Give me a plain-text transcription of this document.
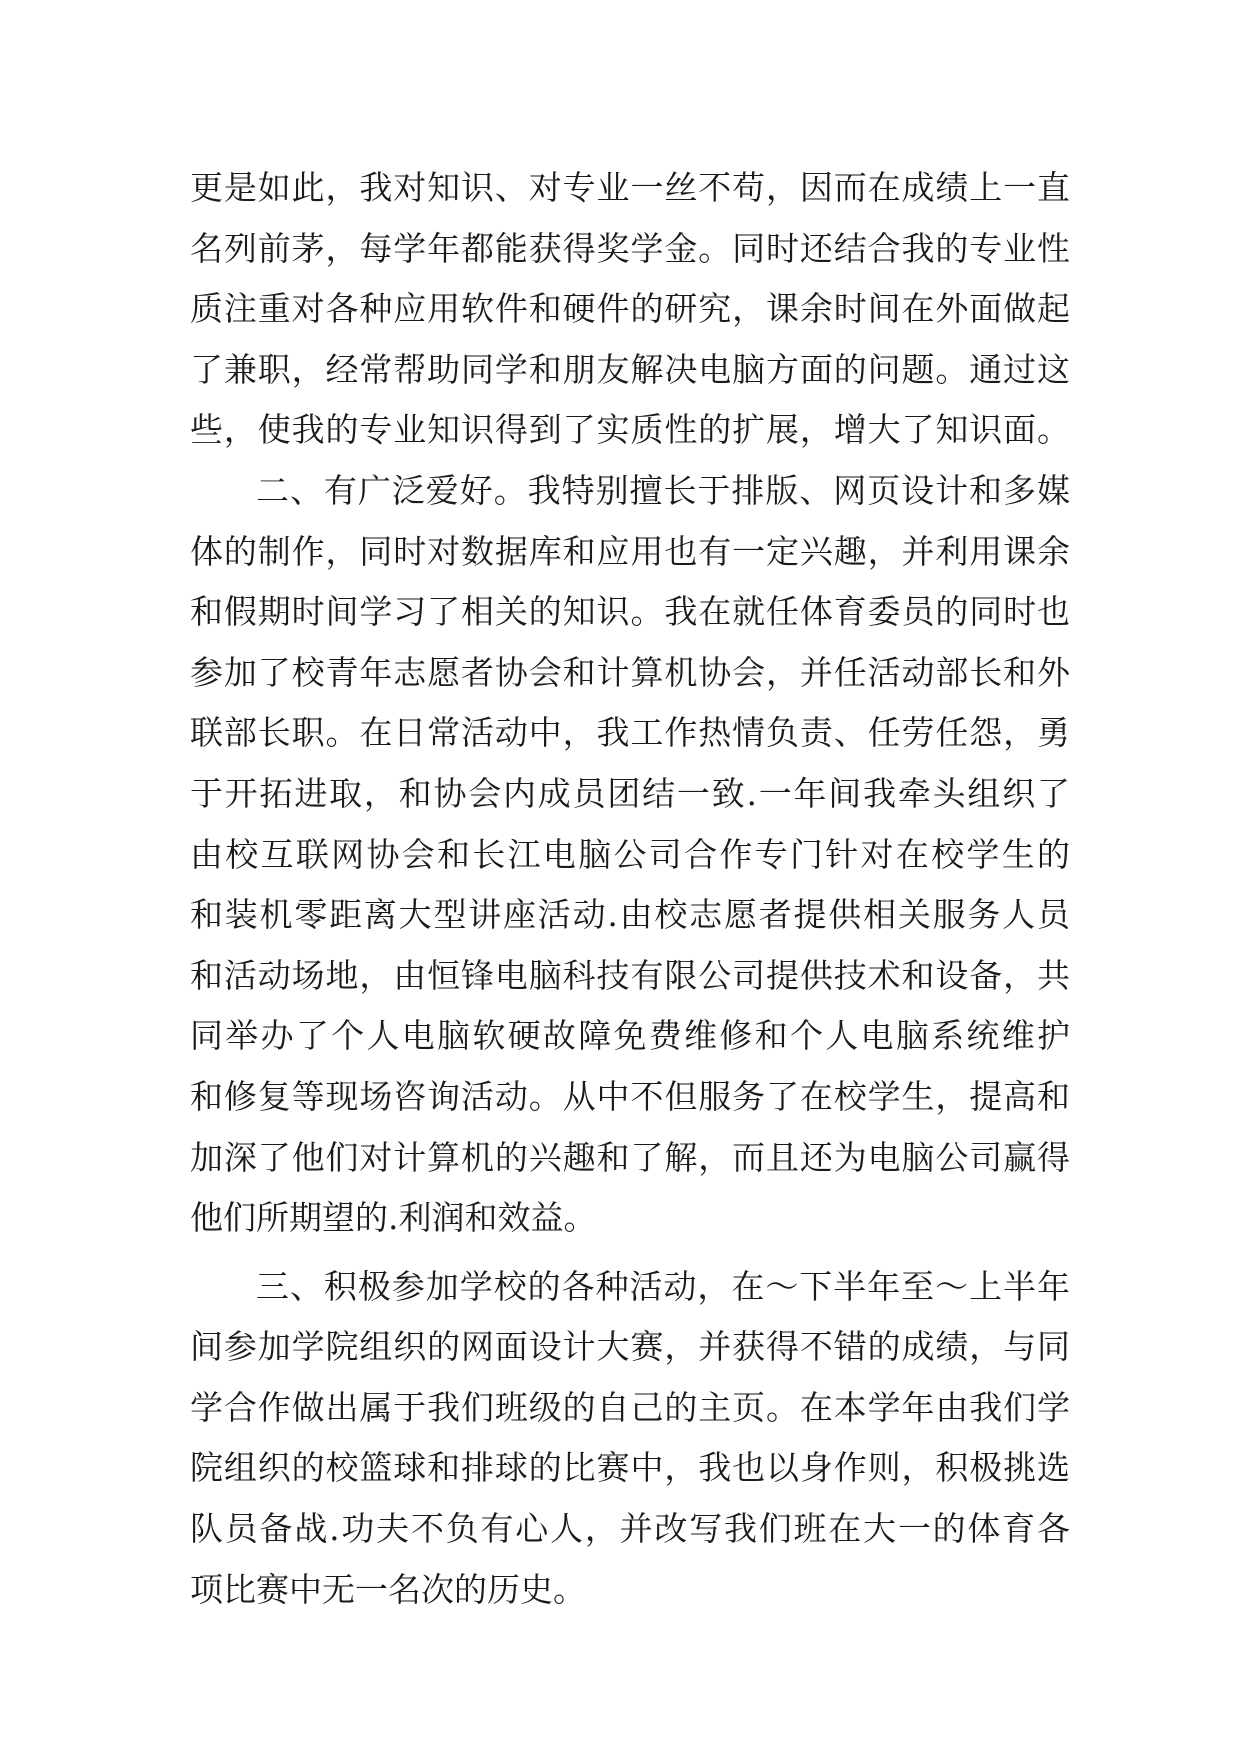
更是如此，我对知识、对专业一丝不苟，因而在成绩上一直
名列前茅，每学年都能获得奖学金。同时还结合我的专业性
质注重对各种应用软件和硬件的研究，课余时间在外面做起
了兼职，经常帮助同学和朋友解决电脑方面的问题。通过这
些，使我的专业知识得到了实质性的扩展，增大了知识面。
二、有广泛爱好。我特别擅长于排版、网页设计和多媒
体的制作，同时对数据库和应用也有一定兴趣，并利用课余
和假期时间学习了相关的知识。我在就任体育委员的同时也
参加了校青年志愿者协会和计算机协会，并任活动部长和外
联部长职。在日常活动中，我工作热情负责、任劳任怨，勇
于开拓进取，和协会内成员团结一致.一年间我牵头组织了
由校互联网协会和长江电脑公司合作专门针对在校学生的
和装机零距离大型讲座活动.由校志愿者提供相关服务人员
和活动场地，由恒锋电脑科技有限公司提供技术和设备，共
同举办了个人电脑软硬故障免费维修和个人电脑系统维护
和修复等现场咨询活动。从中不但服务了在校学生，提高和
加深了他们对计算机的兴趣和了解，而且还为电脑公司赢得
他们所期望的.利润和效益。
三、积极参加学校的各种活动，在～下半年至～上半年
间参加学院组织的网面设计大赛，并获得不错的成绩，与同
学合作做出属于我们班级的自己的主页。在本学年由我们学
院组织的校篮球和排球的比赛中，我也以身作则，积极挑选
队员备战.功夫不负有心人，并改写我们班在大一的体育各
项比赛中无一名次的历史。
